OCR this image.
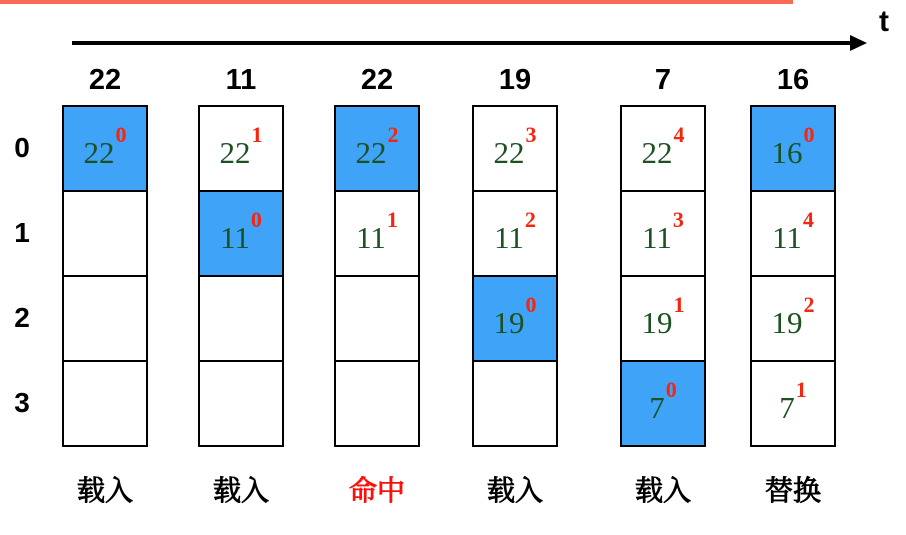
t
0
1
2
3
22
22
0
载入
11
22
1
11
0
载入
22
22
2
11
1
命中
19
22
3
11
2
19
0
载入
7
22
4
11
3
19
1
7
0
载入
16
16
0
11
4
19
2
7
1
替换
